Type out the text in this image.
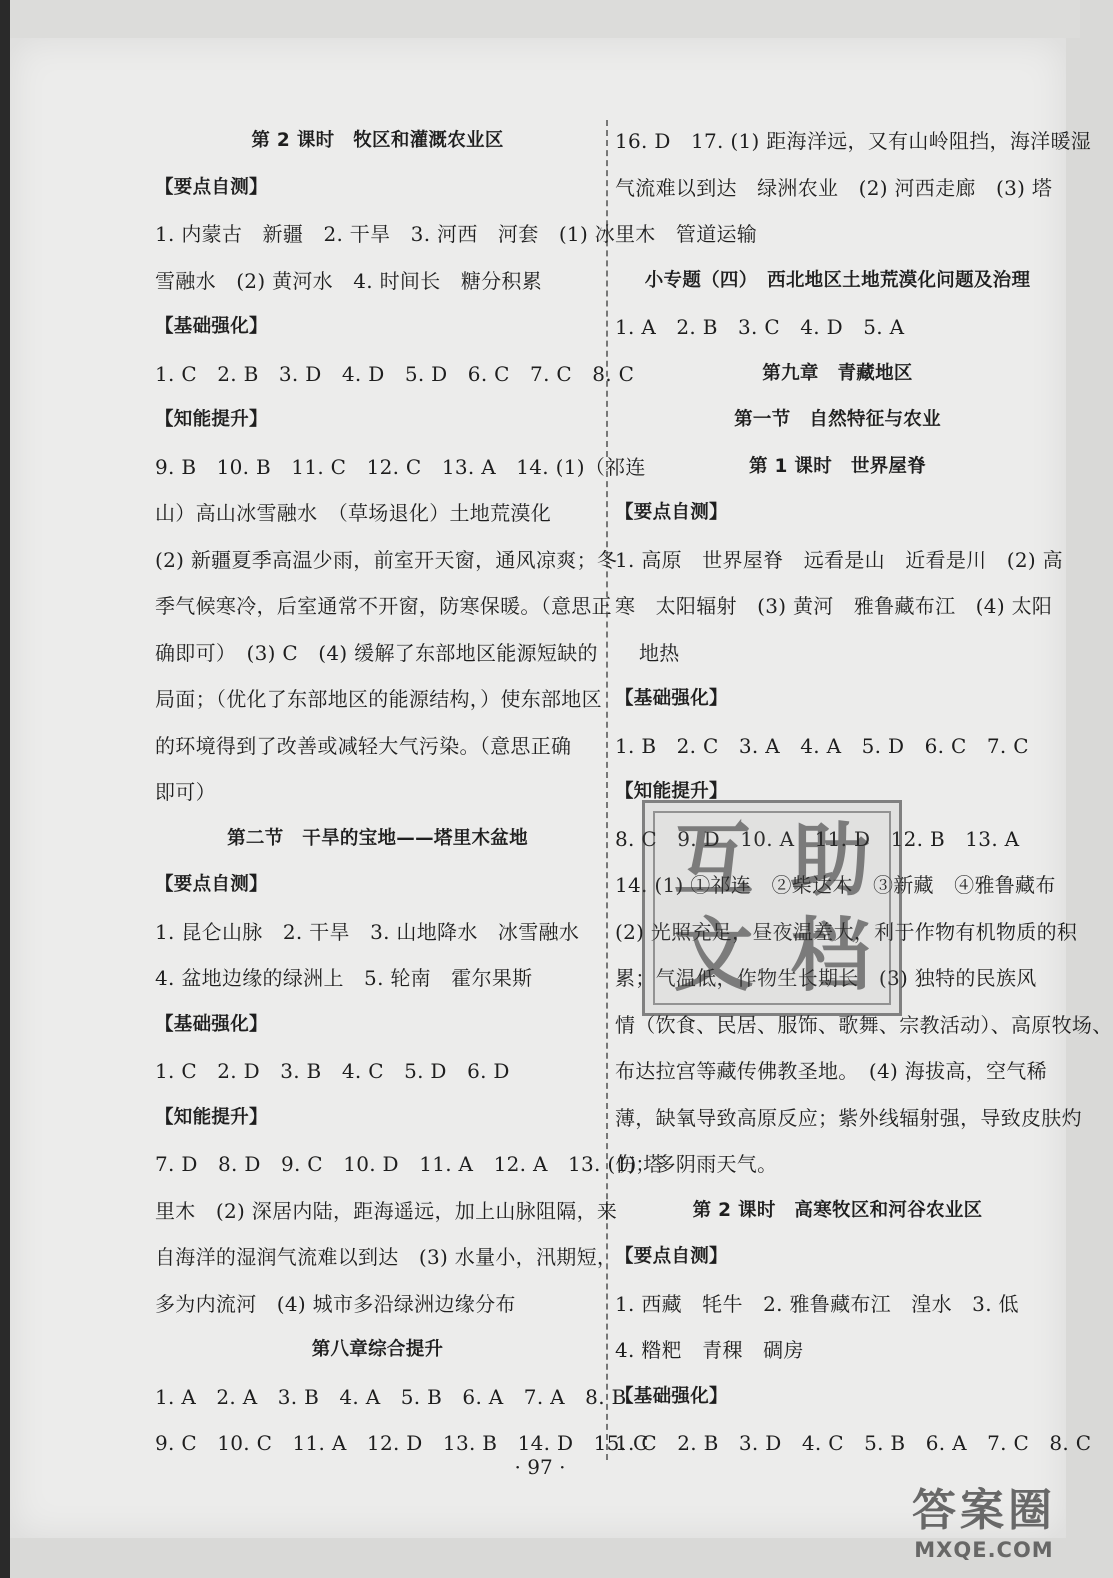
第 2 课时　牧区和灌溉农业区
【要点自测】
1. 内蒙古　新疆　2. 干旱　3. 河西　河套　(1) 冰
雪融水　(2) 黄河水　4. 时间长　糖分积累
【基础强化】
1. C　2. B　3. D　4. D　5. D　6. C　7. C　8. C
【知能提升】
9. B　10. B　11. C　12. C　13. A　14. (1)（祁连
山）高山冰雪融水　（草场退化）土地荒漠化
(2) 新疆夏季高温少雨，前室开天窗，通风凉爽；冬
季气候寒冷，后室通常不开窗，防寒保暖。（意思正
确即可）　(3) C　(4) 缓解了东部地区能源短缺的
局面；（优化了东部地区的能源结构，）使东部地区
的环境得到了改善或减轻大气污染。（意思正确
即可）
第二节　干旱的宝地——塔里木盆地
【要点自测】
1. 昆仑山脉　2. 干旱　3. 山地降水　冰雪融水
4. 盆地边缘的绿洲上　5. 轮南　霍尔果斯
【基础强化】
1. C　2. D　3. B　4. C　5. D　6. D
【知能提升】
7. D　8. D　9. C　10. D　11. A　12. A　13. (1) 塔
里木　(2) 深居内陆，距海遥远，加上山脉阻隔，来
自海洋的湿润气流难以到达　(3) 水量小，汛期短，
多为内流河　(4) 城市多沿绿洲边缘分布
第八章综合提升
1. A　2. A　3. B　4. A　5. B　6. A　7. A　8. B
9. C　10. C　11. A　12. D　13. B　14. D　15. C
16. D　17. (1) 距海洋远，又有山岭阻挡，海洋暖湿
气流难以到达　绿洲农业　(2) 河西走廊　(3) 塔
里木　管道运输
小专题（四）　西北地区土地荒漠化问题及治理
1. A　2. B　3. C　4. D　5. A
第九章　青藏地区
第一节　自然特征与农业
第 1 课时　世界屋脊
【要点自测】
1. 高原　世界屋脊　远看是山　近看是川　(2) 高
寒　太阳辐射　(3) 黄河　雅鲁藏布江　(4) 太阳
地热
【基础强化】
1. B　2. C　3. A　4. A　5. D　6. C　7. C
【知能提升】
8. C　9. D　10. A　11. D　12. B　13. A
14. (1) ①祁连　②柴达木　③新藏　④雅鲁藏布
(2) 光照充足，昼夜温差大，利于作物有机物质的积
累；气温低，作物生长期长　(3) 独特的民族风
情（饮食、民居、服饰、歌舞、宗教活动）、高原牧场、
布达拉宫等藏传佛教圣地。　(4) 海拔高，空气稀
薄，缺氧导致高原反应；紫外线辐射强，导致皮肤灼
伤；多阴雨天气。
第 2 课时　高寒牧区和河谷农业区
【要点自测】
1. 西藏　牦牛　2. 雅鲁藏布江　湟水　3. 低
4. 糌粑　青稞　碉房
【基础强化】
1. C　2. B　3. D　4. C　5. B　6. A　7. C　8. C
互 助
文 档
· 97 ·
答案圈
MXQE.COM
